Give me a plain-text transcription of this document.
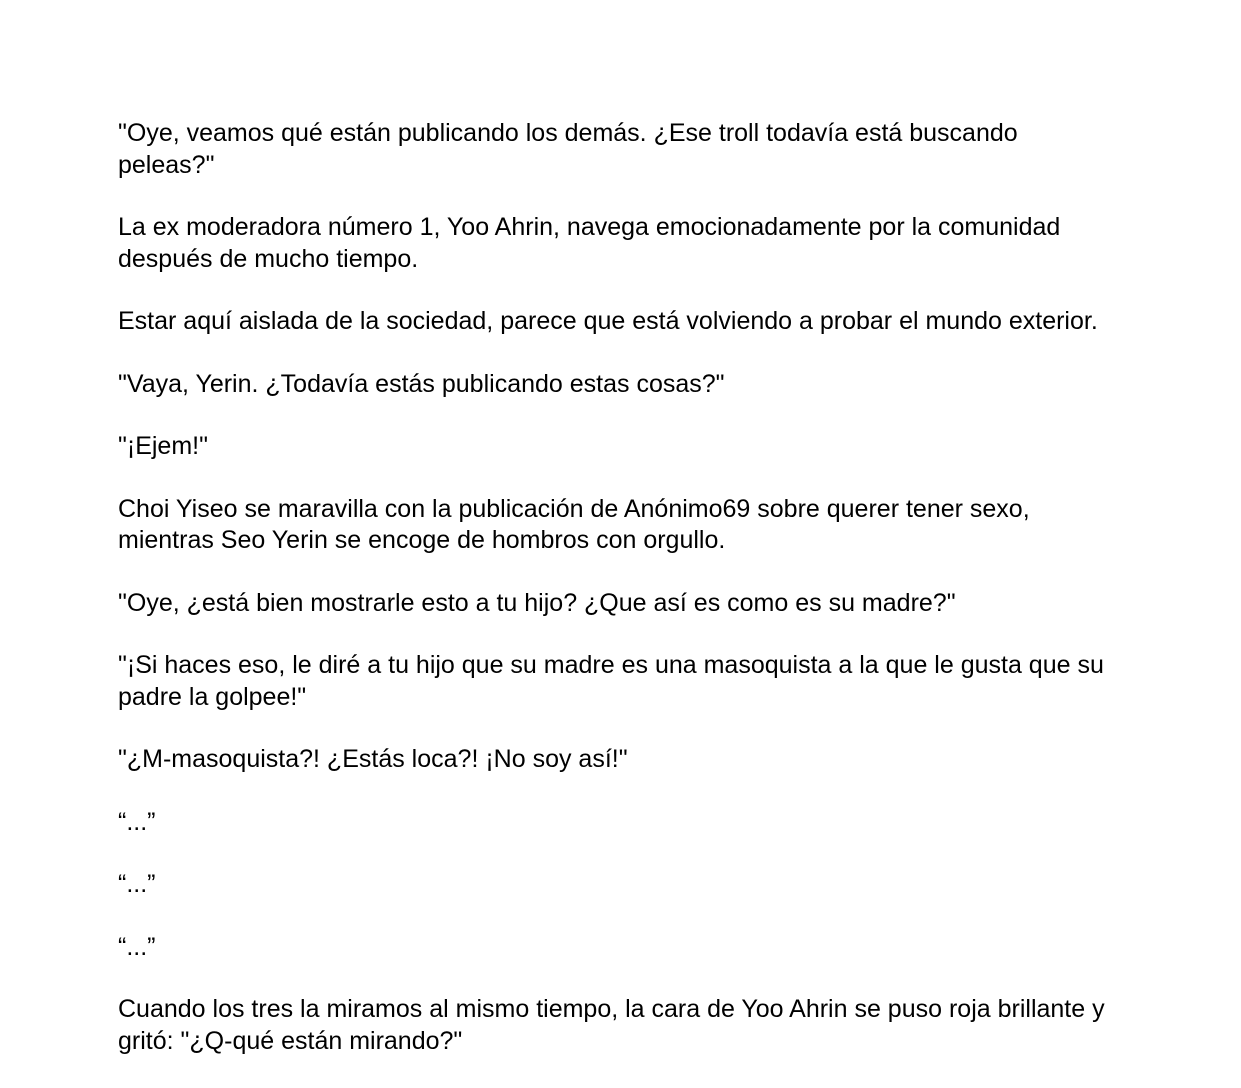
"Oye, veamos qué están publicando los demás. ¿Ese troll todavía está buscando peleas?"

La ex moderadora número 1, Yoo Ahrin, navega emocionadamente por la comunidad después de mucho tiempo.

Estar aquí aislada de la sociedad, parece que está volviendo a probar el mundo exterior.

"Vaya, Yerin. ¿Todavía estás publicando estas cosas?"

"¡Ejem!"

Choi Yiseo se maravilla con la publicación de Anónimo69 sobre querer tener sexo, mientras Seo Yerin se encoge de hombros con orgullo.

"Oye, ¿está bien mostrarle esto a tu hijo? ¿Que así es como es su madre?"

"¡Si haces eso, le diré a tu hijo que su madre es una masoquista a la que le gusta que su padre la golpee!"

"¿M-masoquista?! ¿Estás loca?! ¡No soy así!"

“...”

“...”

“...”

Cuando los tres la miramos al mismo tiempo, la cara de Yoo Ahrin se puso roja brillante y gritó: "¿Q-qué están mirando?"
